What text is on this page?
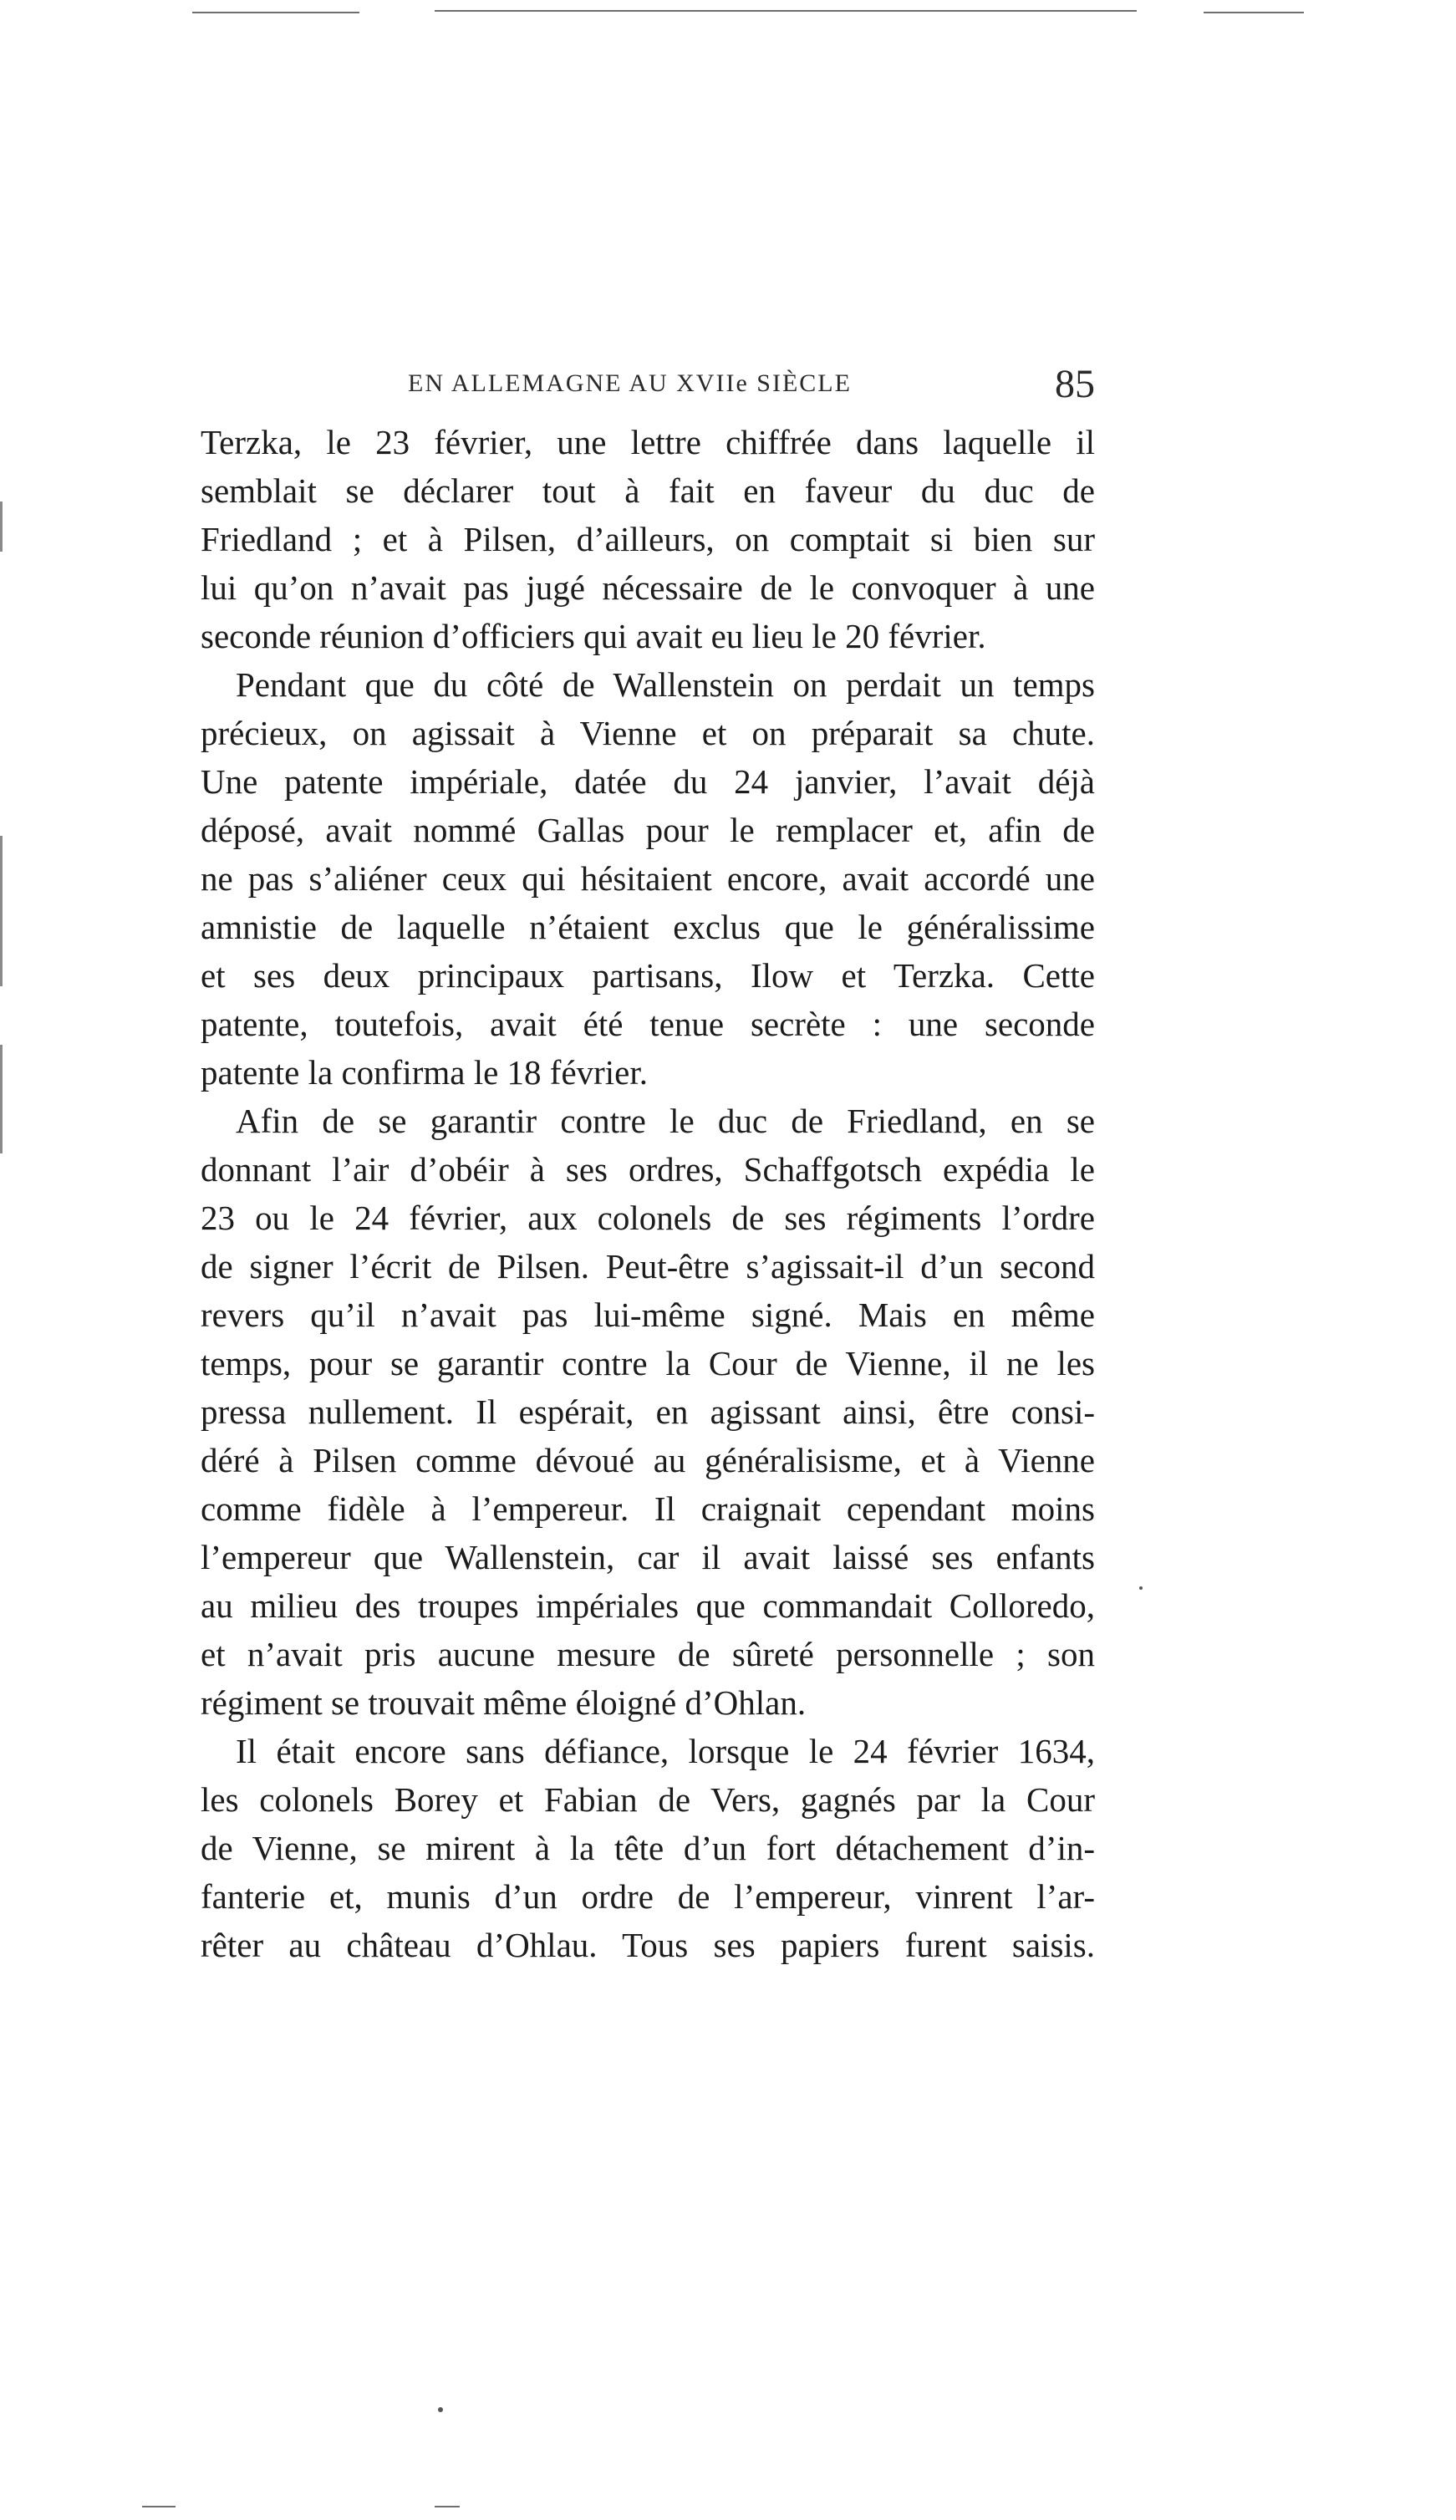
EN ALLEMAGNE AU XVIIe SIÈCLE	85
Terzka, le 23 février, une lettre chiffrée dans laquelle il
semblait se déclarer tout à fait en faveur du duc de
Friedland ; et à Pilsen, d’ailleurs, on comptait si bien sur
lui qu’on n’avait pas jugé nécessaire de le convoquer à une
seconde réunion d’officiers qui avait eu lieu le 20 février.
Pendant que du côté de Wallenstein on perdait un temps
précieux, on agissait à Vienne et on préparait sa chute.
Une patente impériale, datée du 24 janvier, l’avait déjà
déposé, avait nommé Gallas pour le remplacer et, afin de
ne pas s’aliéner ceux qui hésitaient encore, avait accordé une
amnistie de laquelle n’étaient exclus que le généralissime
et ses deux principaux partisans, Ilow et Terzka. Cette
patente, toutefois, avait été tenue secrète : une seconde
patente la confirma le 18 février.
Afin de se garantir contre le duc de Friedland, en se
donnant l’air d’obéir à ses ordres, Schaffgotsch expédia le
23 ou le 24 février, aux colonels de ses régiments l’ordre
de signer l’écrit de Pilsen. Peut-être s’agissait-il d’un second
revers qu’il n’avait pas lui-même signé. Mais en même
temps, pour se garantir contre la Cour de Vienne, il ne les
pressa nullement. Il espérait, en agissant ainsi, être consi-
déré à Pilsen comme dévoué au généralisisme, et à Vienne
comme fidèle à l’empereur. Il craignait cependant moins
l’empereur que Wallenstein, car il avait laissé ses enfants
au milieu des troupes impériales que commandait Colloredo,
et n’avait pris aucune mesure de sûreté personnelle ; son
régiment se trouvait même éloigné d’Ohlan.
Il était encore sans défiance, lorsque le 24 février 1634,
les colonels Borey et Fabian de Vers, gagnés par la Cour
de Vienne, se mirent à la tête d’un fort détachement d’in-
fanterie et, munis d’un ordre de l’empereur, vinrent l’ar-
rêter au château d’Ohlau. Tous ses papiers furent saisis.
